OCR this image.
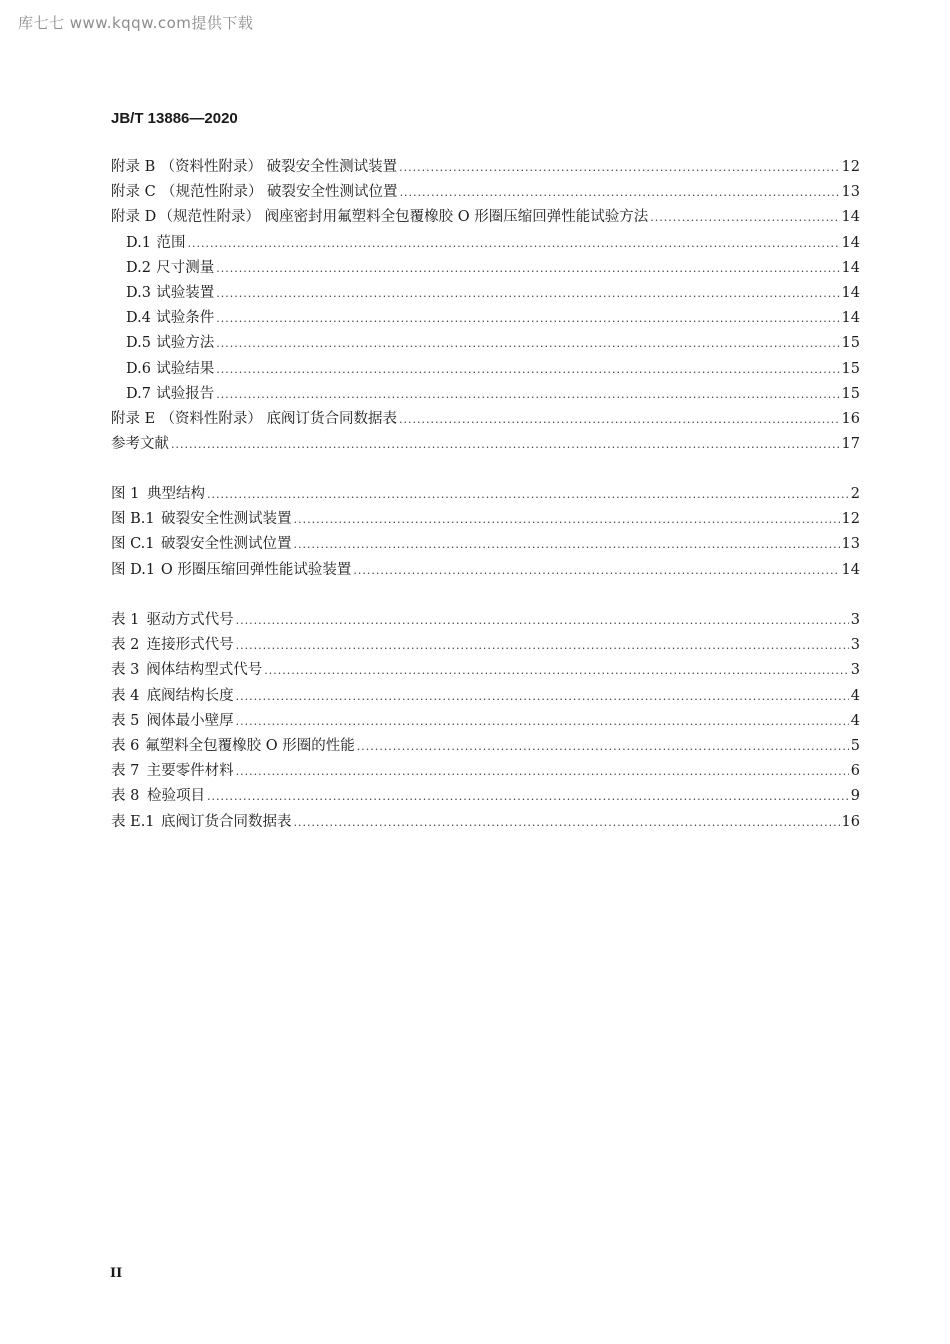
库七七 www.kqqw.com提供下载
JB/T 13886—2020
附录 B （资料性附录） 破裂安全性测试装置 .....	12
附录 C （规范性附录） 破裂安全性测试位置 .....	13
附录 D （规范性附录） 阀座密封用氟塑料全包覆橡胶 O 形圈压缩回弹性能试验方法 .....	14
D.1 范围 .....	14
D.2 尺寸测量 .....	14
D.3 试验装置 .....	14
D.4 试验条件 .....	14
D.5 试验方法 .....	15
D.6 试验结果 .....	15
D.7 试验报告 .....	15
附录 E （资料性附录） 底阀订货合同数据表 .....	16
参考文献 .....	17
图 1 典型结构 .....	2
图 B.1 破裂安全性测试装置 .....	12
图 C.1 破裂安全性测试位置 .....	13
图 D.1 O 形圈压缩回弹性能试验装置 .....	14
表 1 驱动方式代号 .....	3
表 2 连接形式代号 .....	3
表 3 阀体结构型式代号 .....	3
表 4 底阀结构长度 .....	4
表 5 阀体最小壁厚 .....	4
表 6 氟塑料全包覆橡胶 O 形圈的性能 .....	5
表 7 主要零件材料 .....	6
表 8 检验项目 .....	9
表 E.1 底阀订货合同数据表 .....	16
II
